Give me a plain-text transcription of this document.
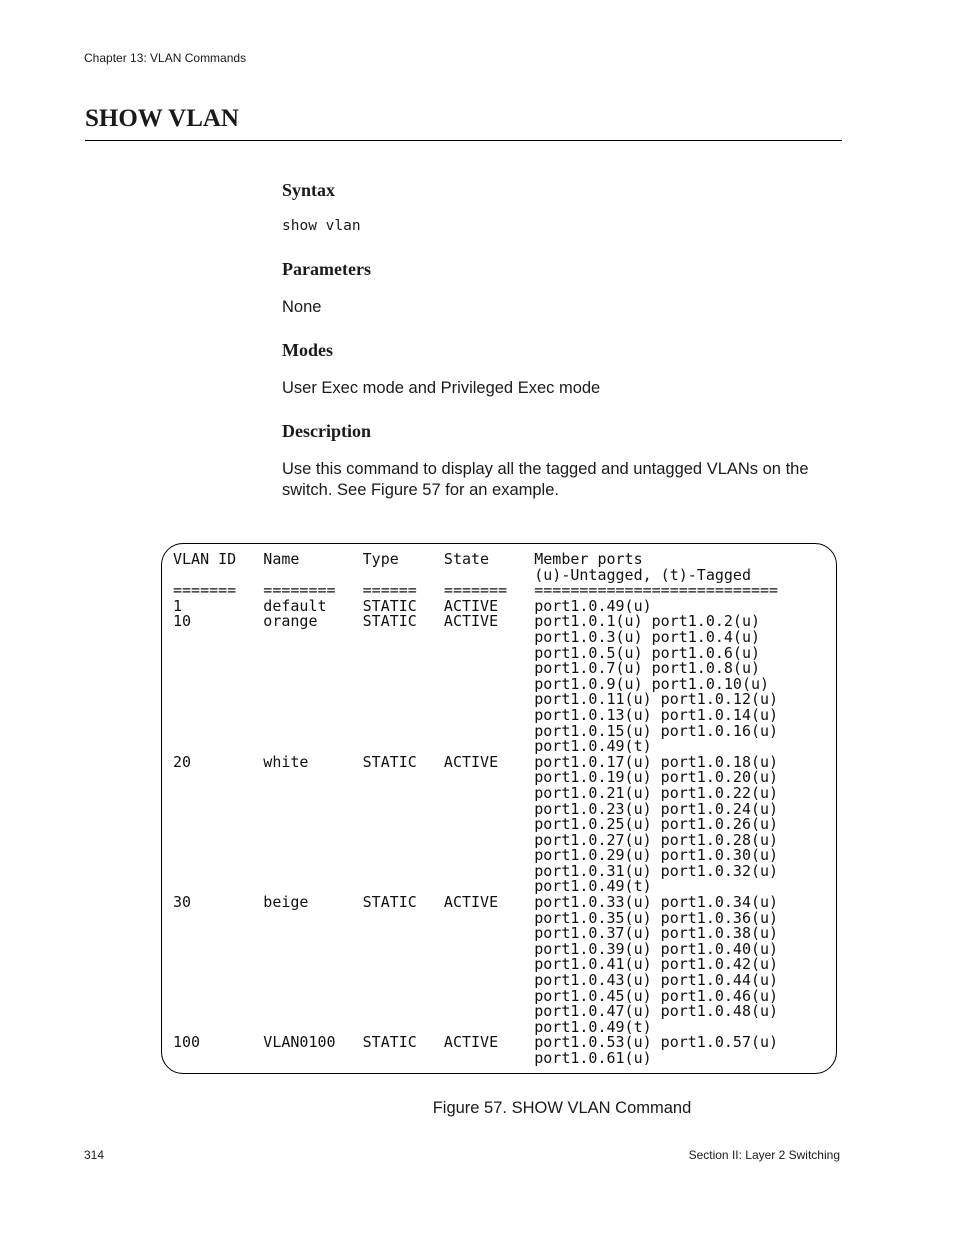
Chapter 13: VLAN Commands
SHOW VLAN
Syntax
show vlan
Parameters
None
Modes
User Exec mode and Privileged Exec mode
Description
Use this command to display all the tagged and untagged VLANs on the
switch. See Figure 57 for an example.
VLAN ID   Name       Type     State     Member ports
(u)-Untagged, (t)-Tagged
=======   ========   ======   =======   ===========================
1         default    STATIC   ACTIVE    port1.0.49(u)
10        orange     STATIC   ACTIVE    port1.0.1(u) port1.0.2(u)
port1.0.3(u) port1.0.4(u)
port1.0.5(u) port1.0.6(u)
port1.0.7(u) port1.0.8(u)
port1.0.9(u) port1.0.10(u)
port1.0.11(u) port1.0.12(u)
port1.0.13(u) port1.0.14(u)
port1.0.15(u) port1.0.16(u)
port1.0.49(t)
20        white      STATIC   ACTIVE    port1.0.17(u) port1.0.18(u)
port1.0.19(u) port1.0.20(u)
port1.0.21(u) port1.0.22(u)
port1.0.23(u) port1.0.24(u)
port1.0.25(u) port1.0.26(u)
port1.0.27(u) port1.0.28(u)
port1.0.29(u) port1.0.30(u)
port1.0.31(u) port1.0.32(u)
port1.0.49(t)
30        beige      STATIC   ACTIVE    port1.0.33(u) port1.0.34(u)
port1.0.35(u) port1.0.36(u)
port1.0.37(u) port1.0.38(u)
port1.0.39(u) port1.0.40(u)
port1.0.41(u) port1.0.42(u)
port1.0.43(u) port1.0.44(u)
port1.0.45(u) port1.0.46(u)
port1.0.47(u) port1.0.48(u)
port1.0.49(t)
100       VLAN0100   STATIC   ACTIVE    port1.0.53(u) port1.0.57(u)
port1.0.61(u)
Figure 57. SHOW VLAN Command
314	Section II: Layer 2 Switching
